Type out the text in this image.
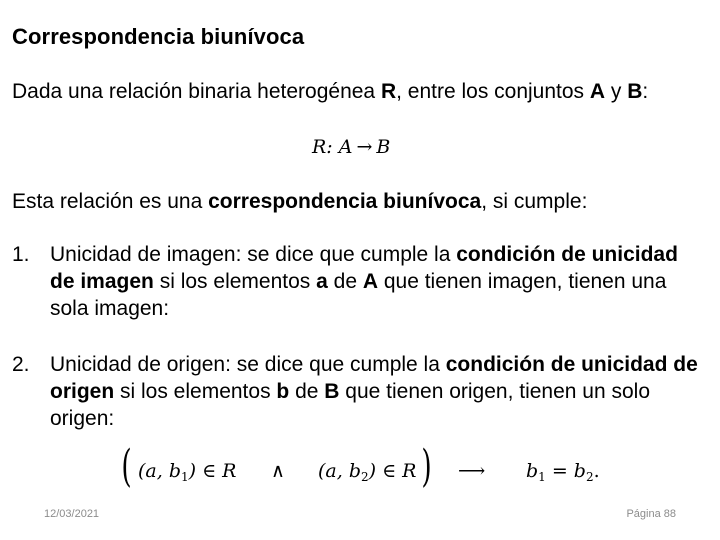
Correspondencia biunívoca
Dada una relación binaria heterogénea R, entre los conjuntos A y B:
R: A → B
Esta relación es una correspondencia biunívoca, si cumple:
1. Unicidad de imagen: se dice que cumple la condición de unicidad de imagen si los elementos a de A que tienen imagen, tienen una sola imagen:
2. Unicidad de origen: se dice que cumple la condición de unicidad de origen si los elementos b de B que tienen origen, tienen un solo origen:
( (a, $b_1$) ∈ R ∧ (a, $b_2$) ∈ R ) ⟶ $b_1 = b_2$.
12/03/2021	Página 88
